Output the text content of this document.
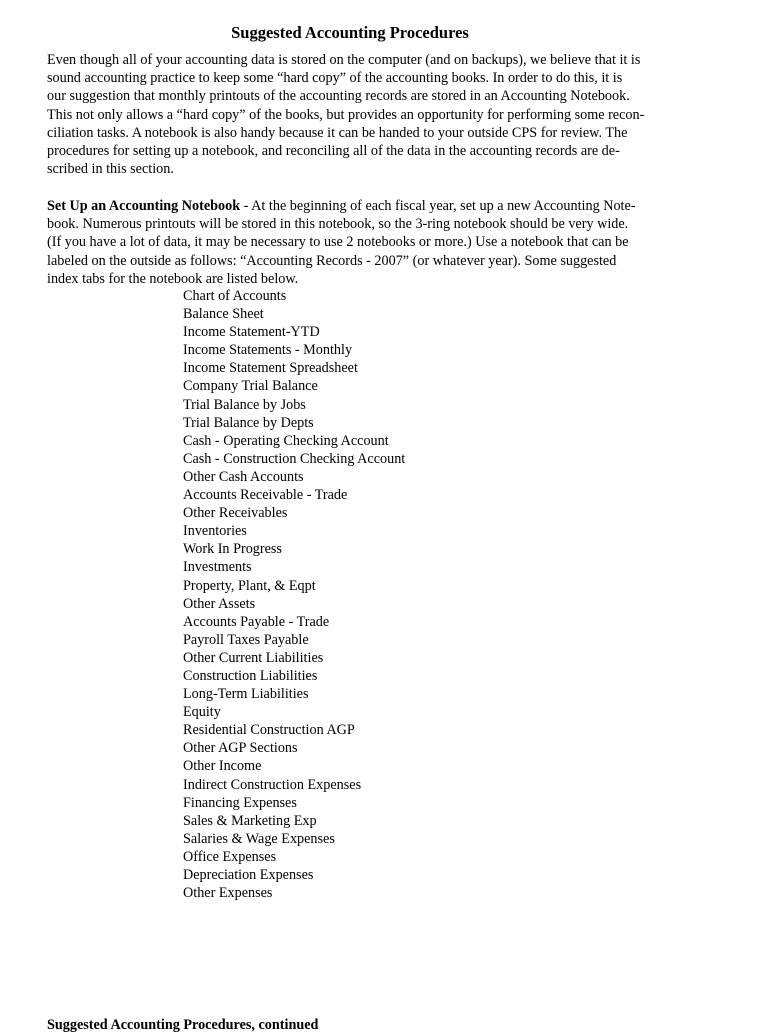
Suggested Accounting Procedures
Even though all of your accounting data is stored on the computer (and on backups), we believe that it is
sound accounting practice to keep some “hard copy” of the accounting books. In order to do this, it is
our suggestion that monthly printouts of the accounting records are stored in an Accounting Notebook.
This not only allows a “hard copy” of the books, but provides an opportunity for performing some recon-
ciliation tasks. A notebook is also handy because it can be handed to your outside CPS for review. The
procedures for setting up a notebook, and reconciling all of the data in the accounting records are de-
scribed in this section.
Set Up an Accounting Notebook - At the beginning of each fiscal year, set up a new Accounting Note-
book. Numerous printouts will be stored in this notebook, so the 3-ring notebook should be very wide.
(If you have a lot of data, it may be necessary to use 2 notebooks or more.) Use a notebook that can be
labeled on the outside as follows: “Accounting Records - 2007” (or whatever year). Some suggested
index tabs for the notebook are listed below.
Chart of Accounts
Balance Sheet
Income Statement-YTD
Income Statements - Monthly
Income Statement Spreadsheet
Company Trial Balance
Trial Balance by Jobs
Trial Balance by Depts
Cash - Operating Checking Account
Cash - Construction Checking Account
Other Cash Accounts
Accounts Receivable - Trade
Other Receivables
Inventories
Work In Progress
Investments
Property, Plant, & Eqpt
Other Assets
Accounts Payable - Trade
Payroll Taxes Payable
Other Current Liabilities
Construction Liabilities
Long-Term Liabilities
Equity
Residential Construction AGP
Other AGP Sections
Other Income
Indirect Construction Expenses
Financing Expenses
Sales & Marketing Exp
Salaries & Wage Expenses
Office Expenses
Depreciation Expenses
Other Expenses
Suggested Accounting Procedures, continued
